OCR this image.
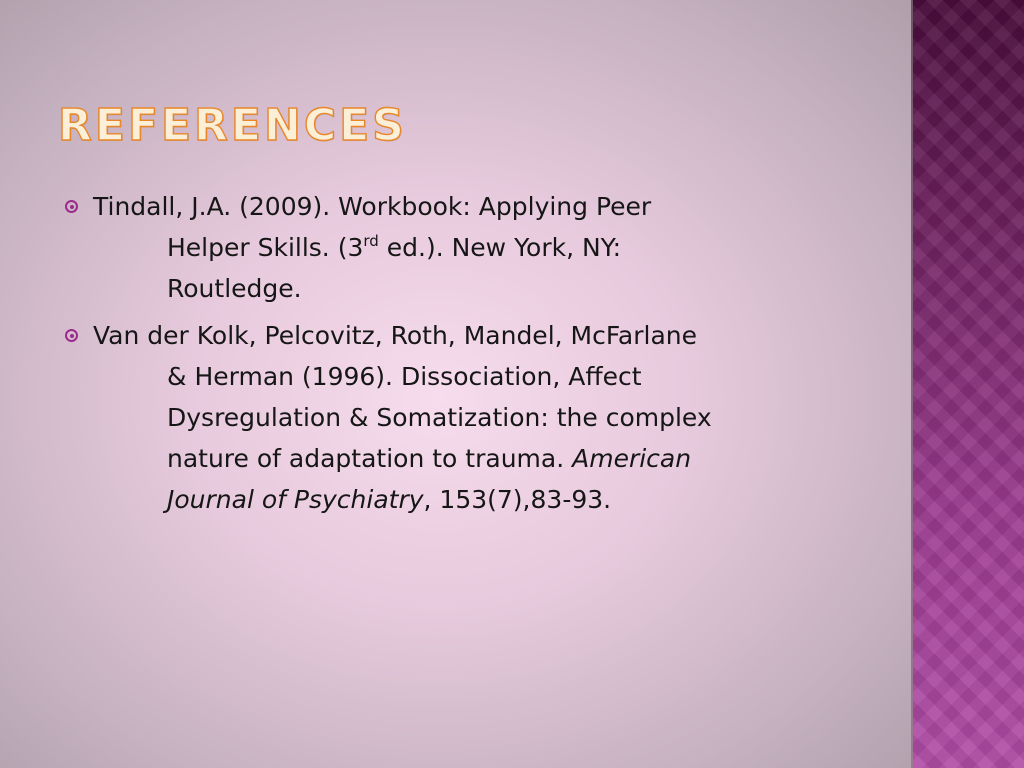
REFERENCES
Tindall, J.A. (2009). Workbook: Applying Peer
Helper Skills. (3rd ed.). New York, NY:
Routledge.
Van der Kolk, Pelcovitz, Roth, Mandel, McFarlane
& Herman (1996). Dissociation, Affect
Dysregulation & Somatization: the complex
nature of adaptation to trauma. American
Journal of Psychiatry, 153(7),83-93.
